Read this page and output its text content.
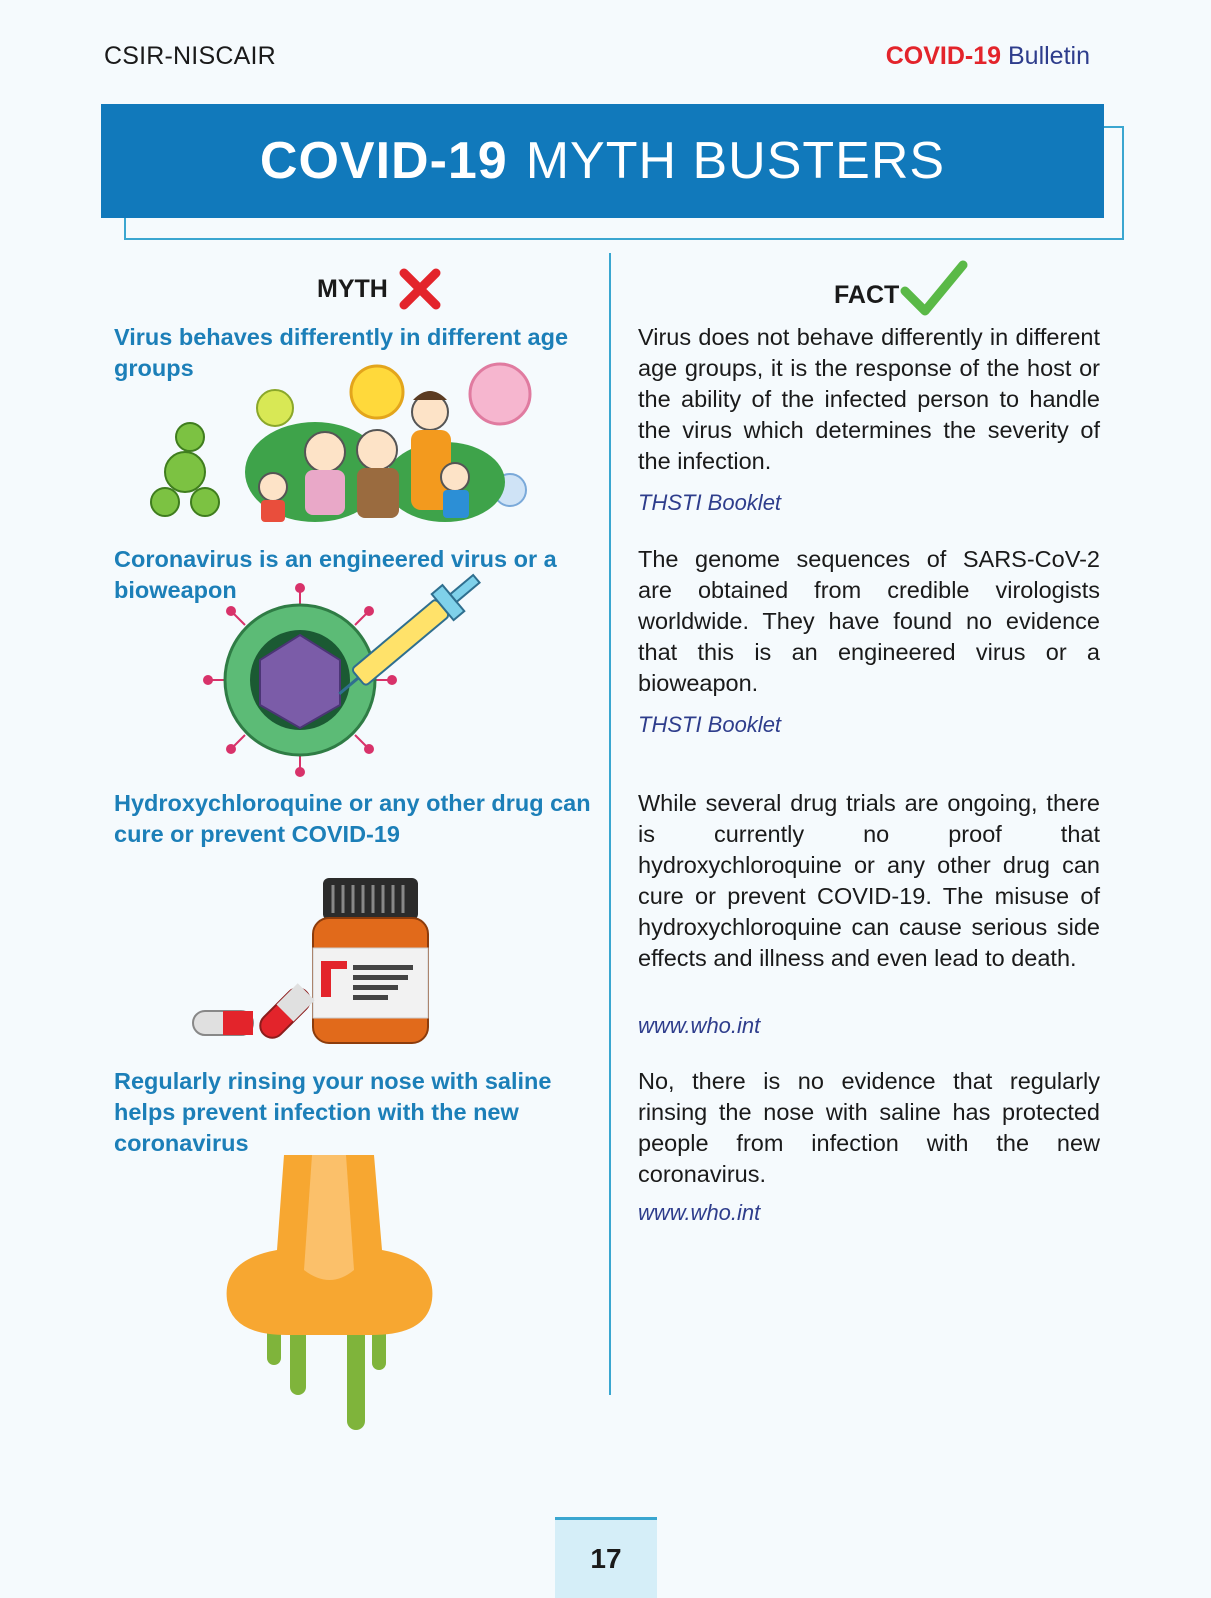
CSIR-NISCAIR	COVID-19 Bulletin
COVID-19 MYTH BUSTERS
MYTH	FACT
Virus behaves differently in different age groups
Virus does not behave differently in different age groups, it is the response of the host or the ability of the infected person to handle the virus which determines the severity of the infection.
THSTI Booklet
Coronavirus is an engineered virus or a bioweapon
The genome sequences of SARS-CoV-2 are obtained from credible virologists worldwide. They have found no evidence that this is an engineered virus or a bioweapon.
THSTI Booklet
Hydroxychloroquine or any other drug can cure or prevent COVID-19
While several drug trials are ongoing, there is currently no proof that hydroxychloroquine or any other drug can cure or prevent COVID-19. The misuse of hydroxychloroquine can cause serious side effects and illness and even lead to death.
www.who.int
Regularly rinsing your nose with saline helps prevent infection with the new coronavirus
No, there is no evidence that regularly rinsing the nose with saline has protected people from infection with the new coronavirus.
www.who.int
17
